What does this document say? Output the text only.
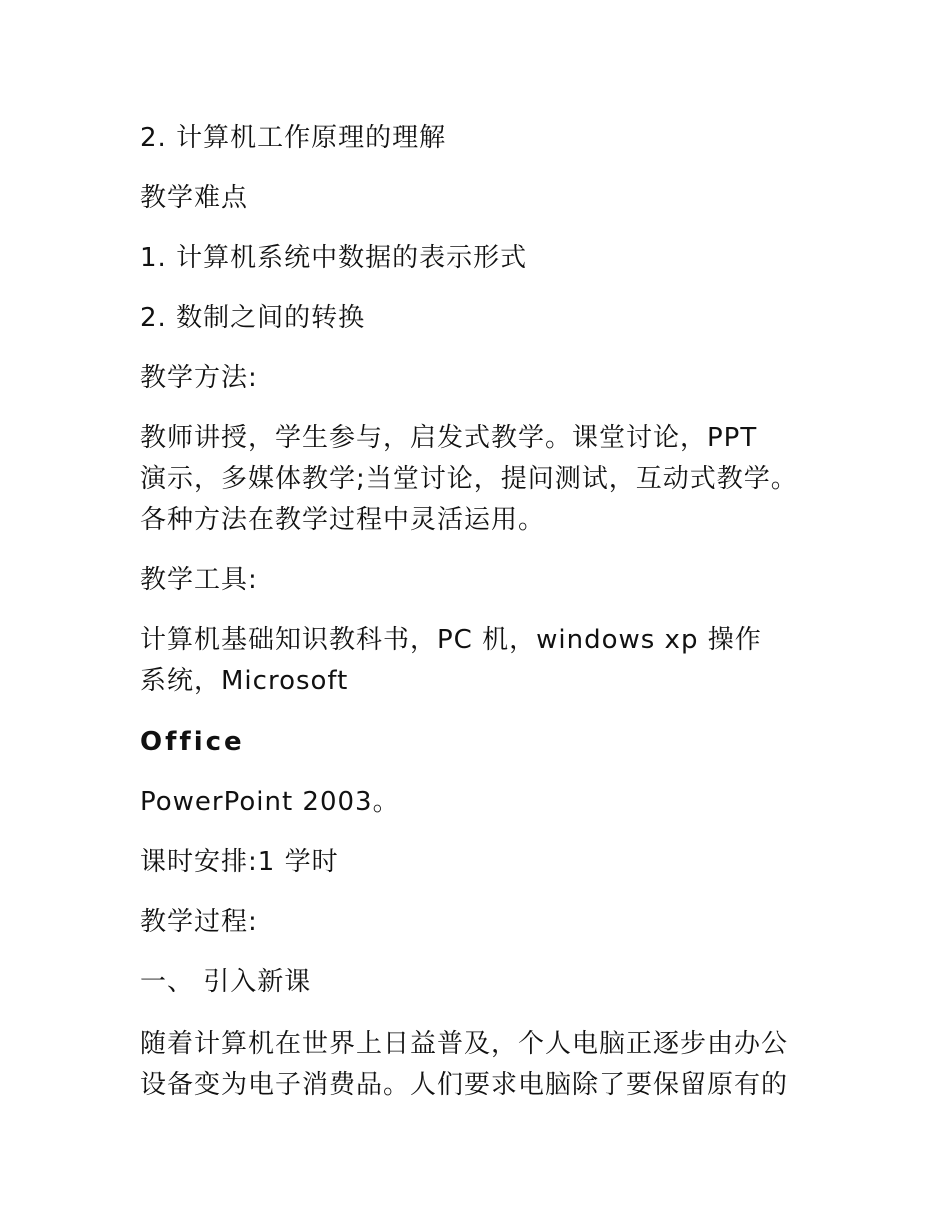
2. 计算机工作原理的理解
教学难点
1. 计算机系统中数据的表示形式
2. 数制之间的转换
教学方法:
教师讲授，学生参与，启发式教学。课堂讨论，PPT
演示，多媒体教学;当堂讨论，提问测试，互动式教学。
各种方法在教学过程中灵活运用。
教学工具:
计算机基础知识教科书，PC 机，windows xp 操作
系统，Microsoft
Office
PowerPoint 2003。
课时安排:1 学时
教学过程:
一、 引入新课
随着计算机在世界上日益普及，个人电脑正逐步由办公
设备变为电子消费品。人们要求电脑除了要保留原有的
